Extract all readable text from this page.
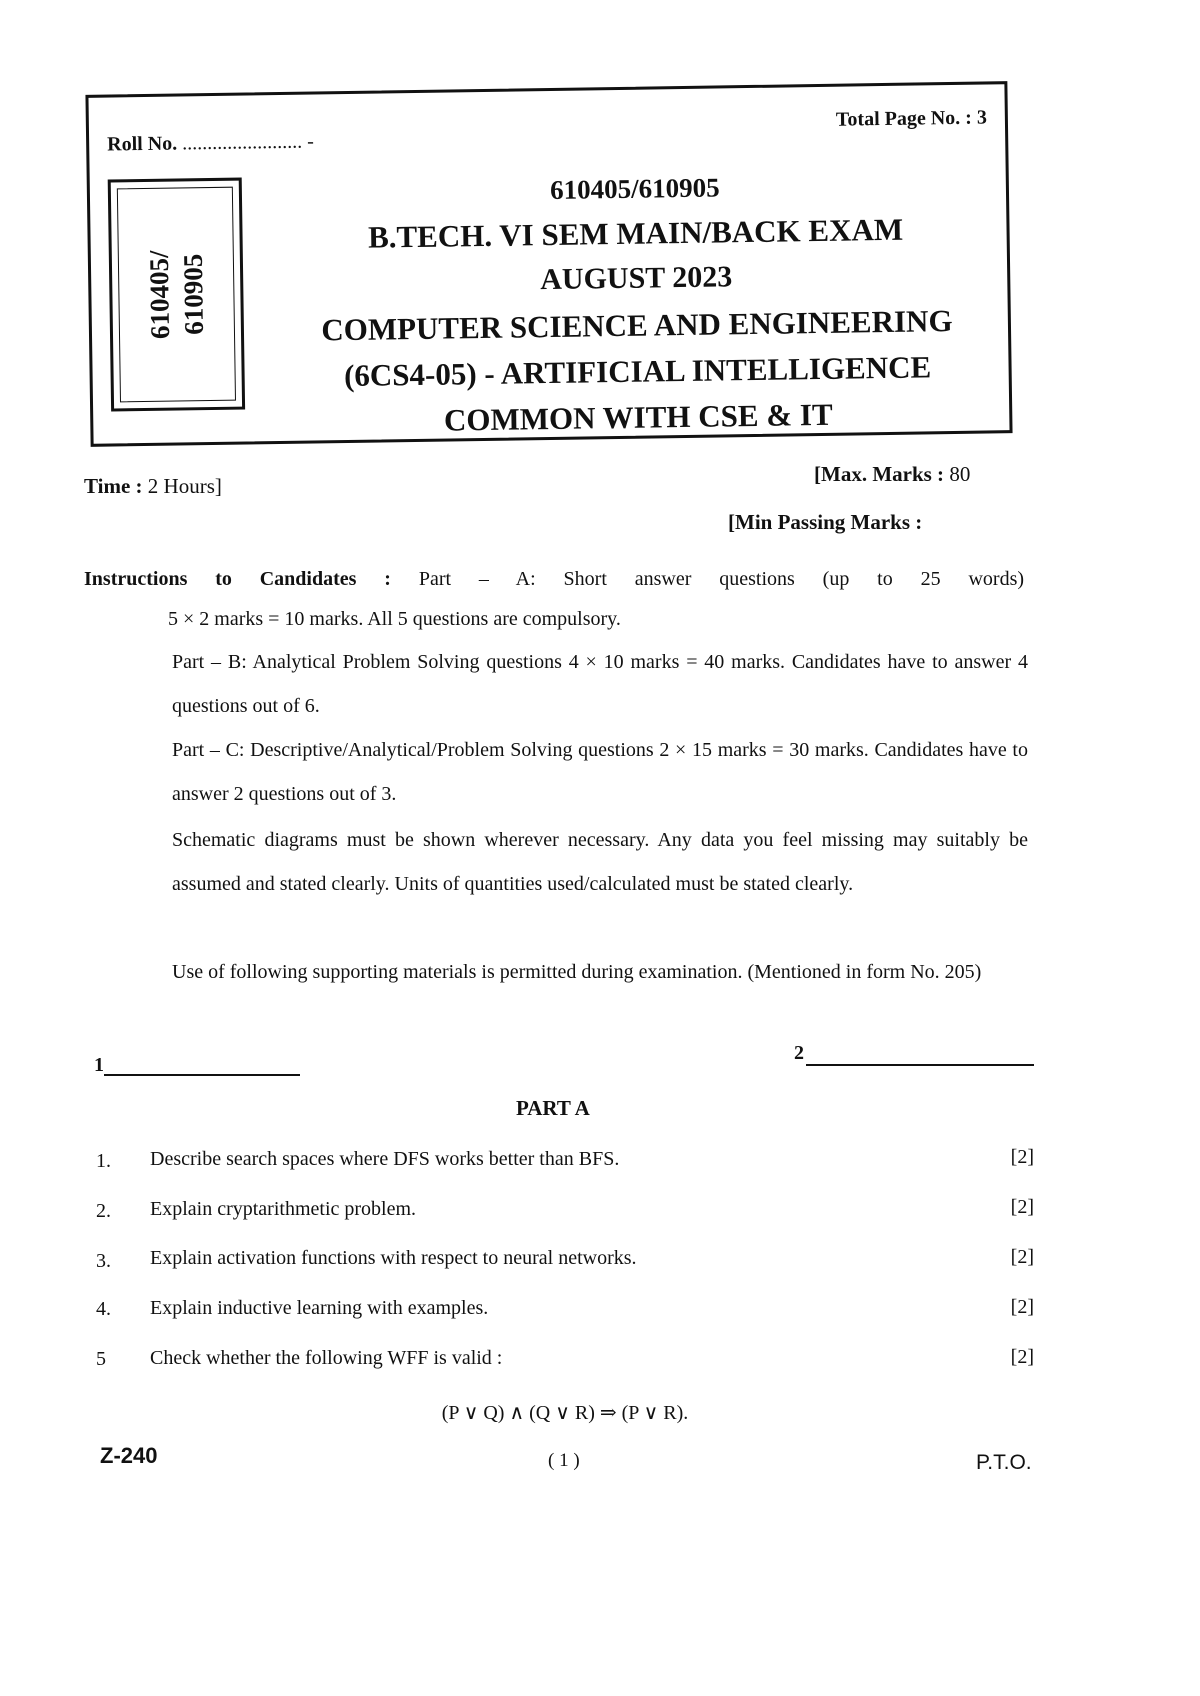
Roll No. ........................ -
Total Page No. : 3
610405/ 610905
610405/610905
B.TECH. VI SEM MAIN/BACK EXAM
AUGUST 2023
COMPUTER SCIENCE AND ENGINEERING
(6CS4-05) - ARTIFICIAL INTELLIGENCE
COMMON WITH CSE & IT
Time : 2 Hours]	[Max. Marks : 80
[Min Passing Marks :
Instructions to Candidates : Part – A: Short answer questions (up to 25 words)
5 × 2 marks = 10 marks. All 5 questions are compulsory.
Part – B: Analytical Problem Solving questions 4 × 10 marks = 40 marks. Candidates have to answer 4 questions out of 6.
Part – C: Descriptive/Analytical/Problem Solving questions 2 × 15 marks = 30 marks. Candidates have to answer 2 questions out of 3.
Schematic diagrams must be shown wherever necessary. Any data you feel missing may suitably be assumed and stated clearly. Units of quantities used/calculated must be stated clearly.
Use of following supporting materials is permitted during examination. (Mentioned in form No. 205)
1
2
PART A
1. Describe search spaces where DFS works better than BFS.	[2]
2. Explain cryptarithmetic problem.	[2]
3. Explain activation functions with respect to neural networks.	[2]
4. Explain inductive learning with examples.	[2]
5 Check whether the following WFF is valid :	[2]
(P ∨ Q) ∧ (Q ∨ R) ⇒ (P ∨ R).
Z-240	( 1 )	P.T.O.
